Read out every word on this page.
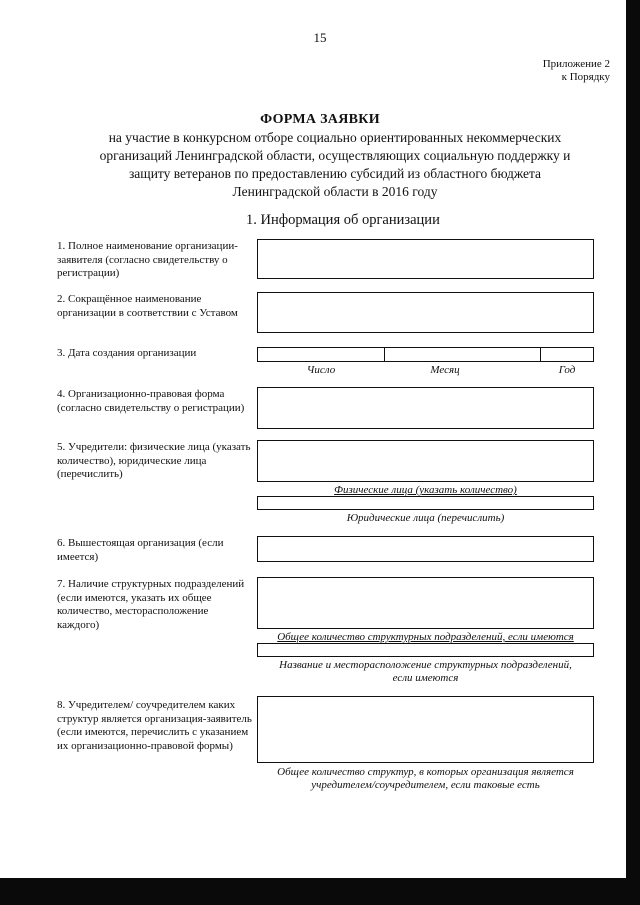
15
Приложение 2
к Порядку
ФОРМА ЗАЯВКИ
на участие в конкурсном отборе социально ориентированных некоммерческих
организаций Ленинградской области, осуществляющих социальную поддержку и
защиту ветеранов по предоставлению субсидий из областного бюджета
Ленинградской области в 2016 году
1. Информация об организации
1. Полное наименование организации-заявителя (согласно свидетельству о регистрации)
2. Сокращённое наименование организации в соответствии с Уставом
3. Дата создания организации
Число	Месяц	Год
4. Организационно-правовая форма (согласно свидетельству о регистрации)
5. Учредители: физические лица (указать количество), юридические лица (перечислить)
Физические лица (указать количество)
Юридические лица (перечислить)
6. Вышестоящая организация (если имеется)
7. Наличие структурных подразделений (если имеются, указать их общее количество, месторасположение каждого)
Общее количество структурных подразделений, если имеются
Название и месторасположение структурных подразделений,
если имеются
8. Учредителем/ соучредителем каких структур является организация-заявитель (если имеются, перечислить с указанием их организационно-правовой формы)
Общее количество структур, в которых организация является
учредителем/соучредителем, если таковые есть
